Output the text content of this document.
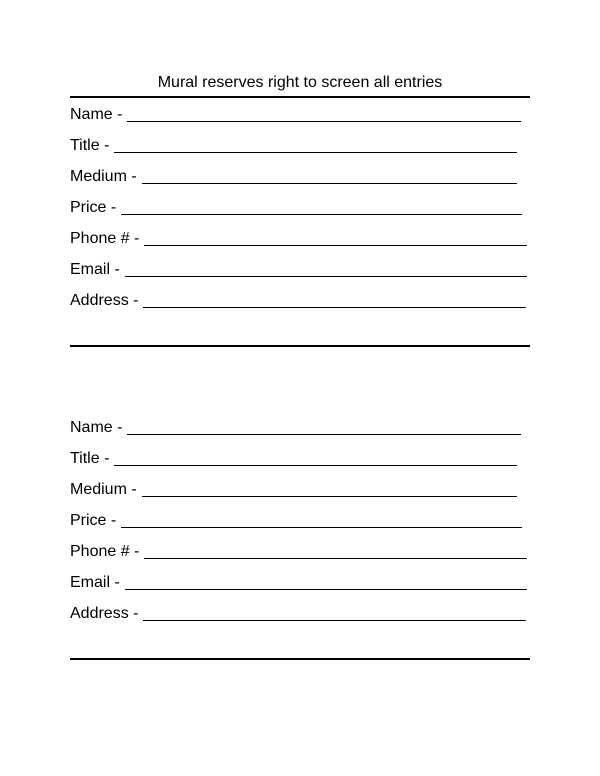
Mural reserves right to screen all entries
Name -
Title -
Medium -
Price -
Phone # -
Email -
Address -
Name -
Title -
Medium -
Price -
Phone # -
Email -
Address -
